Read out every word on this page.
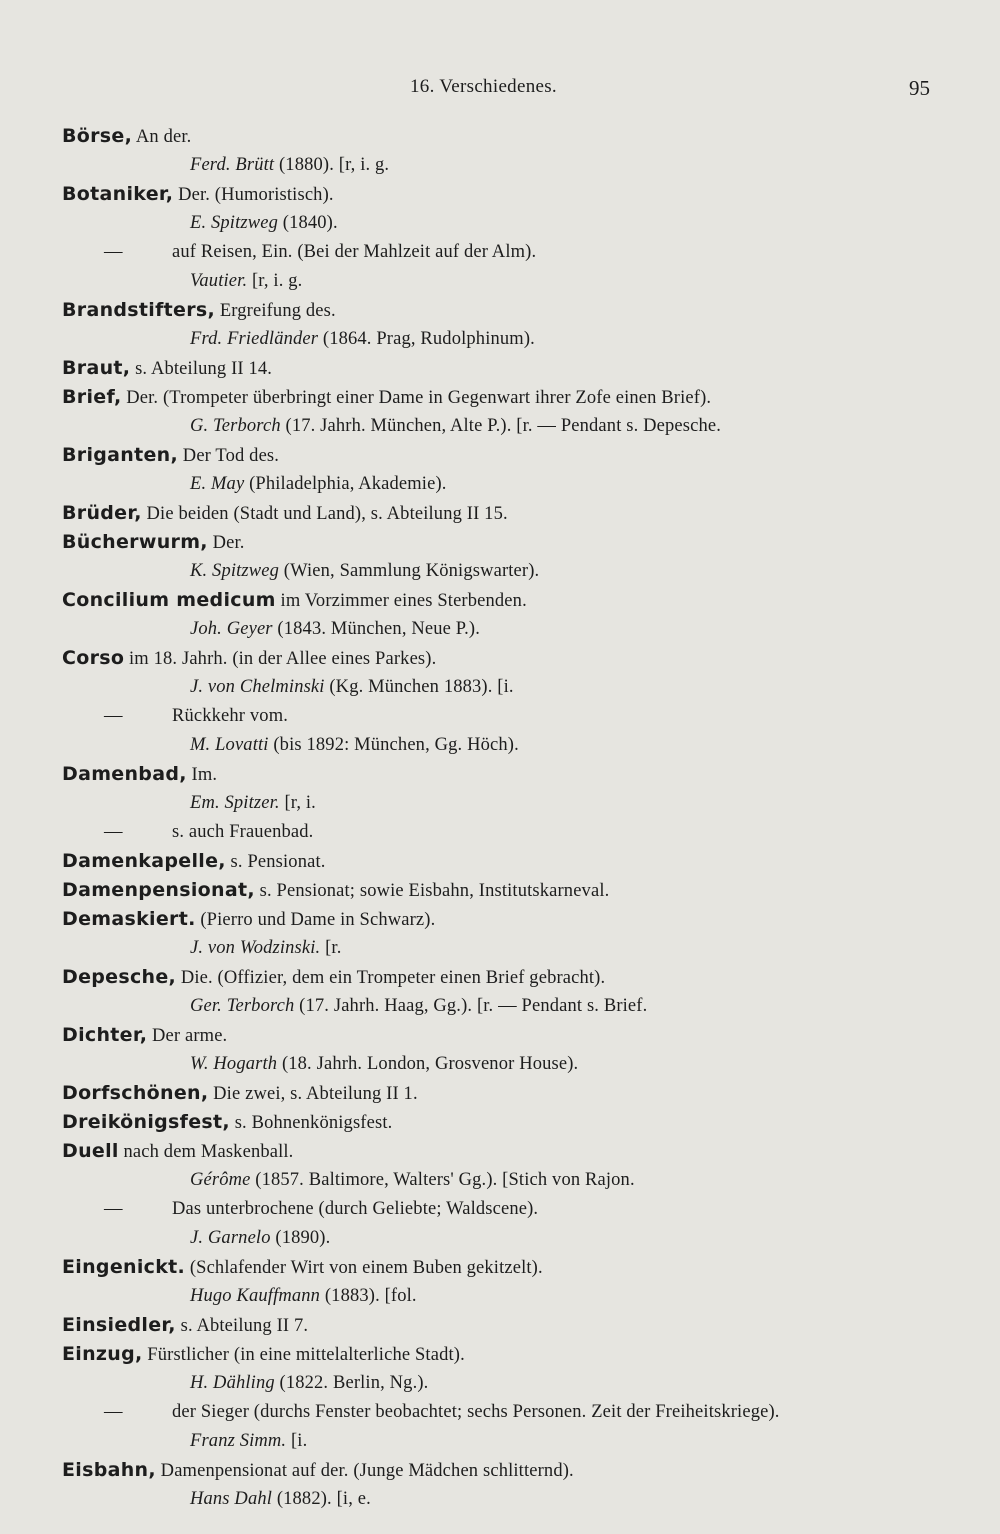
16. Verschiedenes.	95
Börse, An der.
Ferd. Brütt (1880). [r, i. g.
Botaniker, Der. (Humoristisch).
E. Spitzweg (1840).
—	auf Reisen, Ein. (Bei der Mahlzeit auf der Alm).
Vautier. [r, i. g.
Brandstifters, Ergreifung des.
Frd. Friedländer (1864. Prag, Rudolphinum).
Braut, s. Abteilung II 14.
Brief, Der. (Trompeter überbringt einer Dame in Gegenwart ihrer Zofe einen Brief).
G. Terborch (17. Jahrh. München, Alte P.). [r. — Pendant s. Depesche.
Briganten, Der Tod des.
E. May (Philadelphia, Akademie).
Brüder, Die beiden (Stadt und Land), s. Abteilung II 15.
Bücherwurm, Der.
K. Spitzweg (Wien, Sammlung Königswarter).
Concilium medicum im Vorzimmer eines Sterbenden.
Joh. Geyer (1843. München, Neue P.).
Corso im 18. Jahrh. (in der Allee eines Parkes).
J. von Chelminski (Kg. München 1883). [i.
—	Rückkehr vom.
M. Lovatti (bis 1892: München, Gg. Höch).
Damenbad, Im.
Em. Spitzer. [r, i.
—	s. auch Frauenbad.
Damenkapelle, s. Pensionat.
Damenpensionat, s. Pensionat; sowie Eisbahn, Institutskarneval.
Demaskiert. (Pierro und Dame in Schwarz).
J. von Wodzinski. [r.
Depesche, Die. (Offizier, dem ein Trompeter einen Brief gebracht).
Ger. Terborch (17. Jahrh. Haag, Gg.). [r. — Pendant s. Brief.
Dichter, Der arme.
W. Hogarth (18. Jahrh. London, Grosvenor House).
Dorfschönen, Die zwei, s. Abteilung II 1.
Dreikönigsfest, s. Bohnenkönigsfest.
Duell nach dem Maskenball.
Gérôme (1857. Baltimore, Walters' Gg.). [Stich von Rajon.
—	Das unterbrochene (durch Geliebte; Waldscene).
J. Garnelo (1890).
Eingenickt. (Schlafender Wirt von einem Buben gekitzelt).
Hugo Kauffmann (1883). [fol.
Einsiedler, s. Abteilung II 7.
Einzug, Fürstlicher (in eine mittelalterliche Stadt).
H. Dähling (1822. Berlin, Ng.).
—	der Sieger (durchs Fenster beobachtet; sechs Personen. Zeit der Freiheitskriege).
Franz Simm. [i.
Eisbahn, Damenpensionat auf der. (Junge Mädchen schlitternd).
Hans Dahl (1882). [i, e.
